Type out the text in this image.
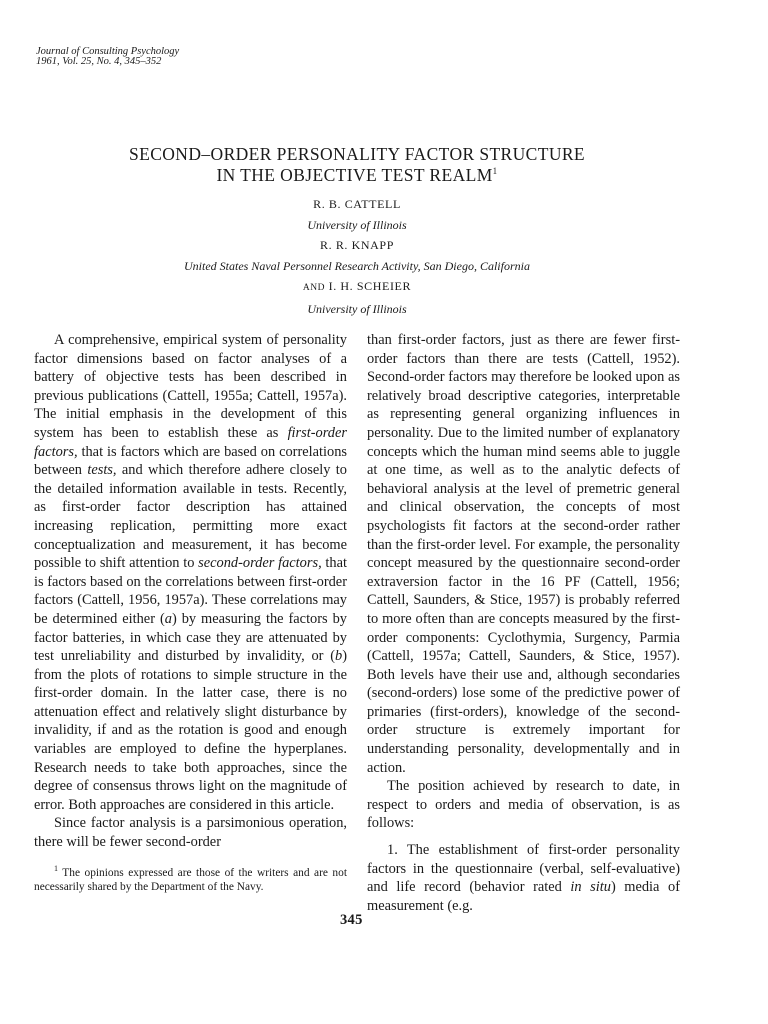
Journal of Consulting Psychology
1961, Vol. 25, No. 4, 345–352
SECOND–ORDER PERSONALITY FACTOR STRUCTURE
IN THE OBJECTIVE TEST REALM$^1$
R. B. CATTELL
University of Illinois
R. R. KNAPP
United States Naval Personnel Research Activity, San Diego, California
AND I. H. SCHEIER
University of Illinois

A comprehensive, empirical system of personality factor dimensions based on factor analyses of a battery of objective tests has been described in previous publications (Cattell, 1955a; Cattell, 1957a). The initial emphasis in the development of this system has been to establish these as first-order factors, that is factors which are based on correlations between tests, and which therefore adhere closely to the detailed information available in tests. Recently, as first-order factor description has attained increasing replication, permitting more exact conceptualization and measurement, it has become possible to shift attention to second-order factors, that is factors based on the correlations between first-order factors (Cattell, 1956, 1957a). These correlations may be determined either (a) by measuring the factors by factor batteries, in which case they are attenuated by test unreliability and disturbed by invalidity, or (b) from the plots of rotations to simple structure in the first-order domain. In the latter case, there is no attenuation effect and relatively slight disturbance by invalidity, if and as the rotation is good and enough variables are employed to define the hyperplanes. Research needs to take both approaches, since the degree of consensus throws light on the magnitude of error. Both approaches are considered in this article.

Since factor analysis is a parsimonious operation, there will be fewer second-order

than first-order factors, just as there are fewer first-order factors than there are tests (Cattell, 1952). Second-order factors may therefore be looked upon as relatively broad descriptive categories, interpretable as representing general organizing influences in personality. Due to the limited number of explanatory concepts which the human mind seems able to juggle at one time, as well as to the analytic defects of behavioral analysis at the level of premetric general and clinical observation, the concepts of most psychologists fit factors at the second-order rather than the first-order level. For example, the personality concept measured by the questionnaire second-order extraversion factor in the 16 PF (Cattell, 1956; Cattell, Saunders, & Stice, 1957) is probably referred to more often than are concepts measured by the first-order components: Cyclothymia, Surgency, Parmia (Cattell, 1957a; Cattell, Saunders, & Stice, 1957). Both levels have their use and, although secondaries (second-orders) lose some of the predictive power of primaries (first-orders), knowledge of the second-order structure is extremely important for understanding personality, developmentally and in action.

The position achieved by research to date, in respect to orders and media of observation, is as follows:

1. The establishment of first-order personality factors in the questionnaire (verbal, self-evaluative) and life record (behavior rated in situ) media of measurement (e.g.

$^1$ The opinions expressed are those of the writers and are not necessarily shared by the Department of the Navy.
345
